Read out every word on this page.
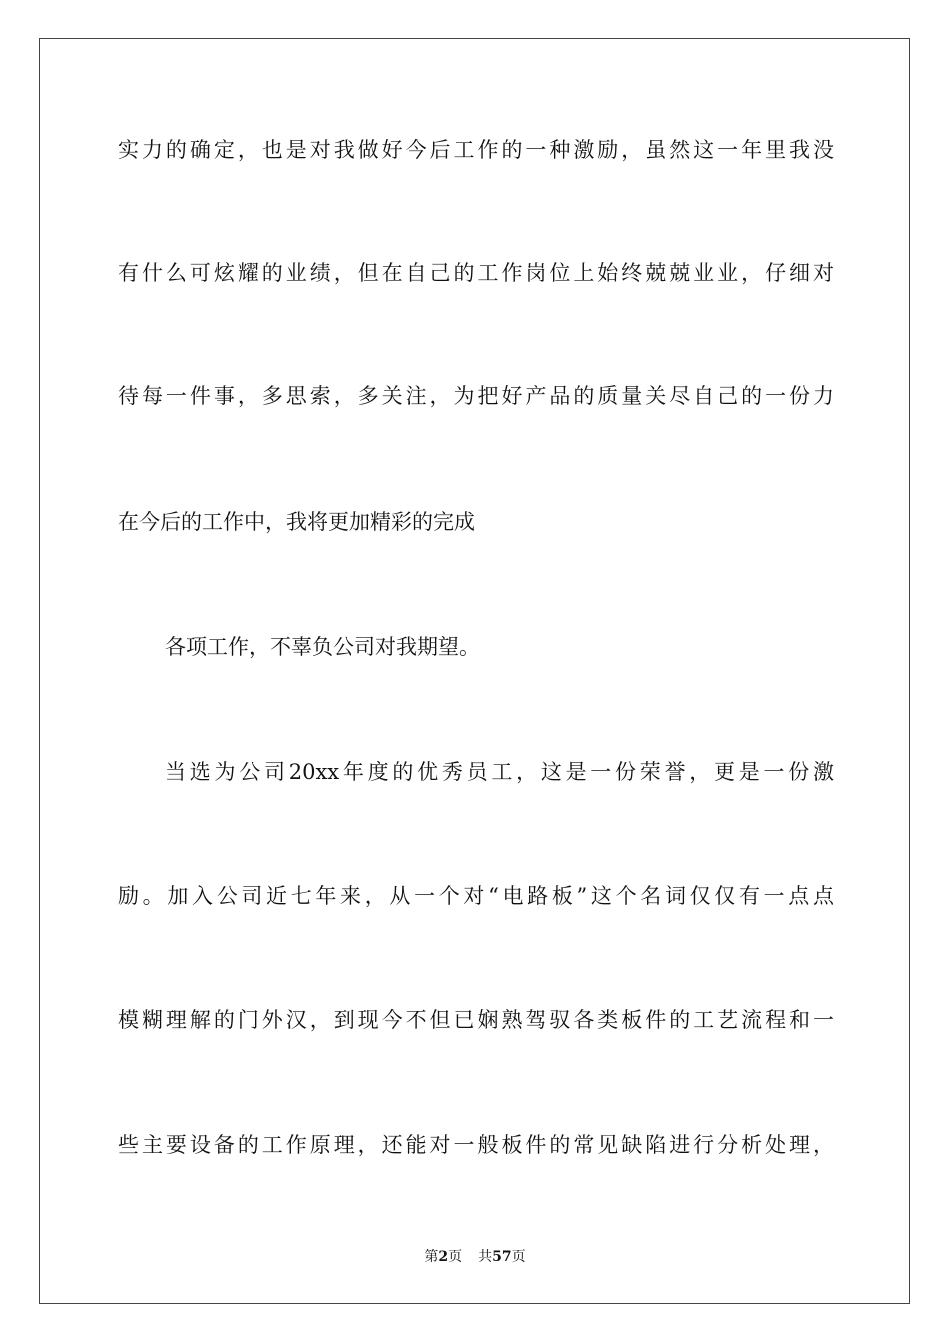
实力的确定，也是对我做好今后工作的一种激励，虽然这一年里我没
有什么可炫耀的业绩，但在自己的工作岗位上始终兢兢业业，仔细对
待每一件事，多思索，多关注，为把好产品的质量关尽自己的一份力
在今后的工作中，我将更加精彩的完成
各项工作，不辜负公司对我期望。
当选为公司20xx年度的优秀员工，这是一份荣誉，更是一份激
励。加入公司近七年来，从一个对“电路板”这个名词仅仅有一点点
模糊理解的门外汉，到现今不但已娴熟驾驭各类板件的工艺流程和一
些主要设备的工作原理，还能对一般板件的常见缺陷进行分析处理，
第2页 共57页
